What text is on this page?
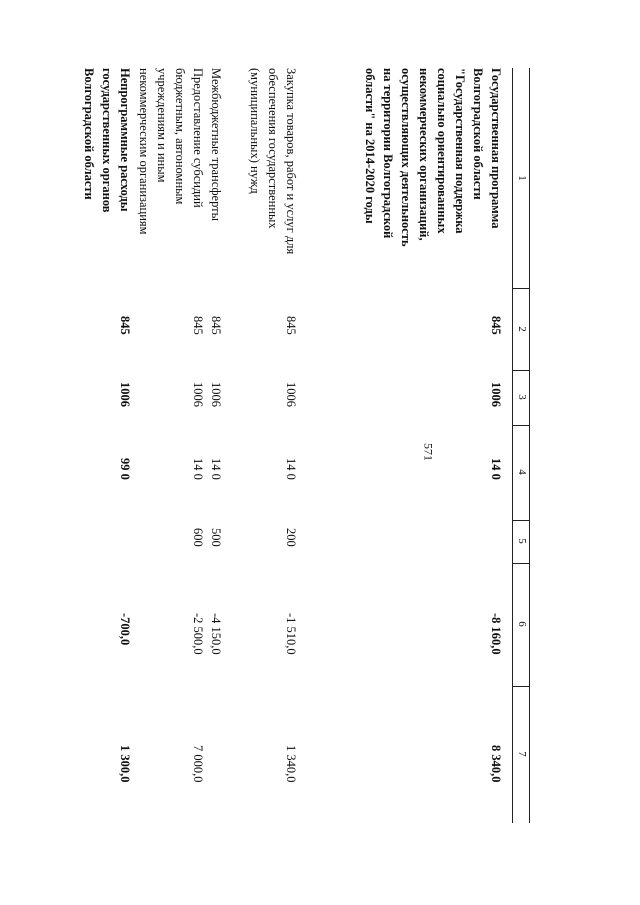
571
1
2
3
4
5
6
7
Государственная программа
Волгоградской области
"Государственная поддержка
социально ориентированных
некоммерческих организаций,
осуществляющих деятельность
на территории Волгоградской
области" на 2014-2020 годы
845
1006
14 0
-8 160,0
8 340,0
Закупка товаров, работ и услуг для
обеспечения государственных
(муниципальных) нужд
845
1006
14 0
200
-1 510,0
1 340,0
Межбюджетные трансферты
845
1006
14 0
500
-4 150,0
Предоставление субсидий
бюджетным, автономным
учреждениям и иным
некоммерческим организациям
845
1006
14 0
600
-2 500,0
7 000,0
Непрограммные расходы
государственных органов
Волгоградской области
845
1006
99 0
-700,0
1 300,0
